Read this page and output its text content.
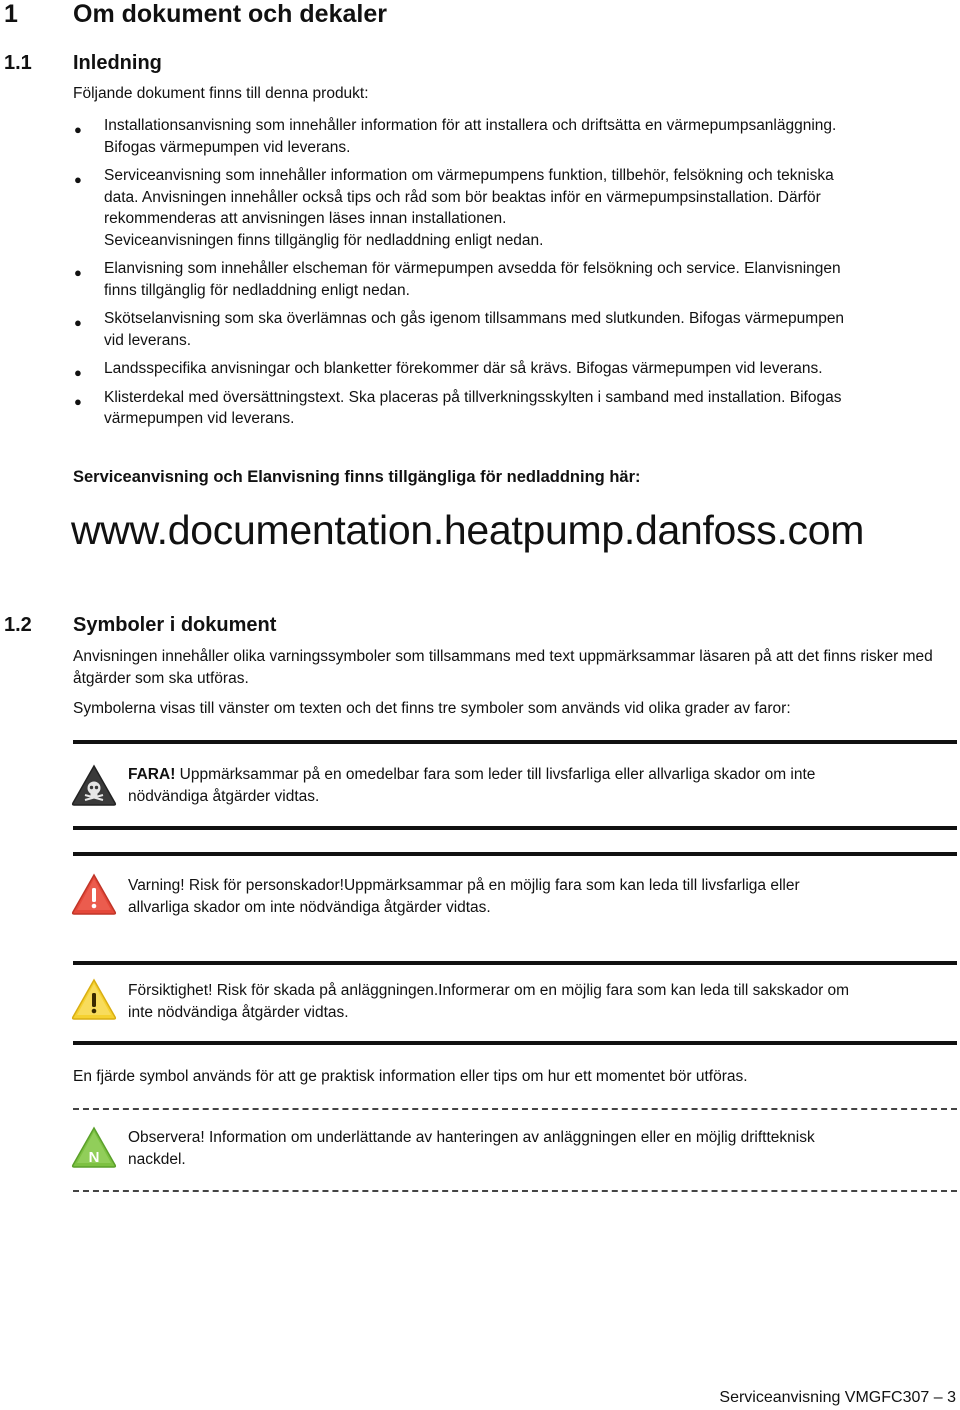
1 Om dokument och dekaler
1.1 Inledning
Följande dokument finns till denna produkt:
● Installationsanvisning som innehåller information för att installera och driftsätta en värmepumpsanläggning.
Bifogas värmepumpen vid leverans.
● Serviceanvisning som innehåller information om värmepumpens funktion, tillbehör, felsökning och tekniska
data. Anvisningen innehåller också tips och råd som bör beaktas inför en värmepumpsinstallation. Därför
rekommenderas att anvisningen läses innan installationen.
Seviceanvisningen finns tillgänglig för nedladdning enligt nedan.
● Elanvisning som innehåller elscheman för värmepumpen avsedda för felsökning och service. Elanvisningen
finns tillgänglig för nedladdning enligt nedan.
● Skötselanvisning som ska överlämnas och gås igenom tillsammans med slutkunden. Bifogas värmepumpen
vid leverans.
● Landsspecifika anvisningar och blanketter förekommer där så krävs. Bifogas värmepumpen vid leverans.
● Klisterdekal med översättningstext. Ska placeras på tillverkningsskylten i samband med installation. Bifogas
värmepumpen vid leverans.
Serviceanvisning och Elanvisning finns tillgängliga för nedladdning här:
www.documentation.heatpump.danfoss.com
1.2 Symboler i dokument
Anvisningen innehåller olika varningssymboler som tillsammans med text uppmärksammar läsaren på att det finns risker med åtgärder som ska utföras.
Symbolerna visas till vänster om texten och det finns tre symboler som används vid olika grader av faror:
FARA! Uppmärksammar på en omedelbar fara som leder till livsfarliga eller allvarliga skador om inte
nödvändiga åtgärder vidtas.
Varning! Risk för personskador!Uppmärksammar på en möjlig fara som kan leda till livsfarliga eller
allvarliga skador om inte nödvändiga åtgärder vidtas.
Försiktighet! Risk för skada på anläggningen.Informerar om en möjlig fara som kan leda till sakskador om
inte nödvändiga åtgärder vidtas.
En fjärde symbol används för att ge praktisk information eller tips om hur ett momentet bör utföras.
N
Observera! Information om underlättande av hanteringen av anläggningen eller en möjlig driftteknisk
nackdel.
Serviceanvisning VMGFC307 – 3
